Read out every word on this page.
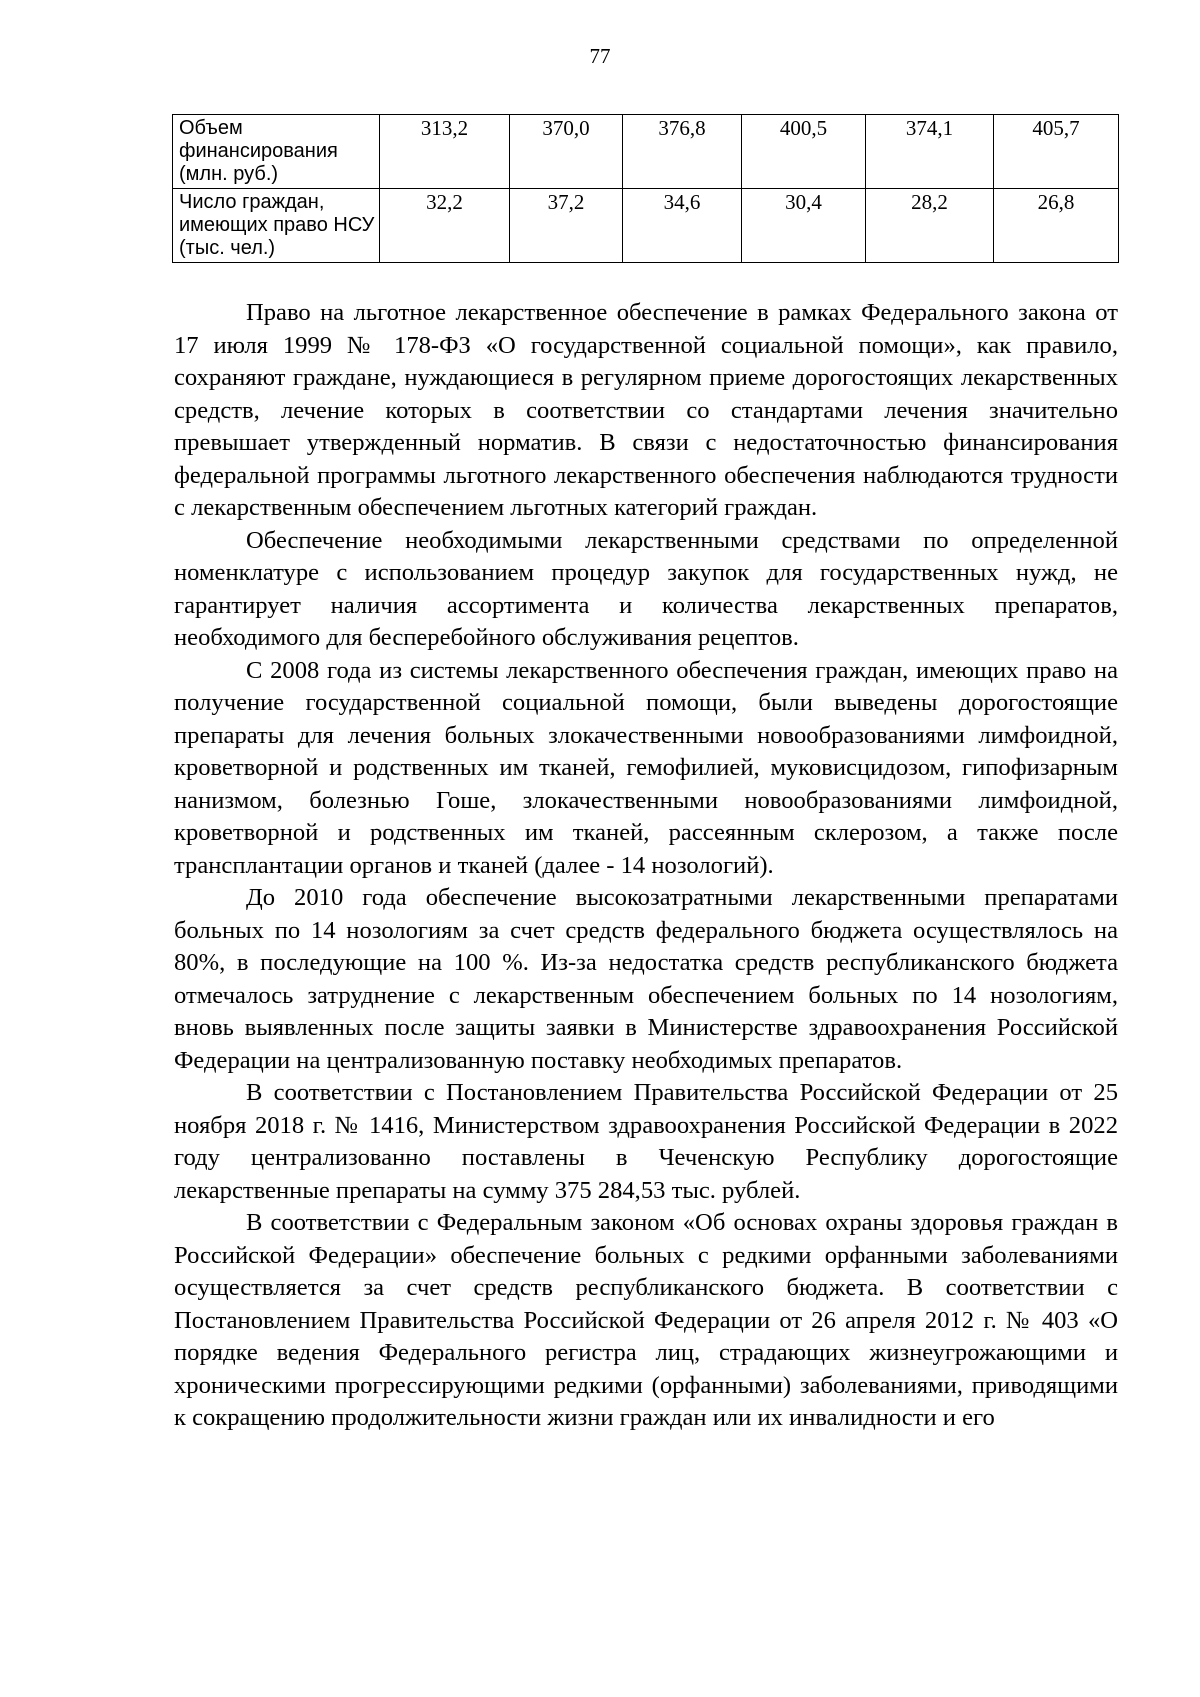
77
Объем финансирования (млн. руб.)	313,2	370,0	376,8	400,5	374,1	405,7
Число граждан, имеющих право НСУ (тыс. чел.)	32,2	37,2	34,6	30,4	28,2	26,8

Право на льготное лекарственное обеспечение в рамках Федерального закона от 17 июля 1999 № 178-ФЗ «О государственной социальной помощи», как правило, сохраняют граждане, нуждающиеся в регулярном приеме дорогостоящих лекарственных средств, лечение которых в соответствии со стандартами лечения значительно превышает утвержденный норматив. В связи с недостаточностью финансирования федеральной программы льготного лекарственного обеспечения наблюдаются трудности с лекарственным обеспечением льготных категорий граждан.

Обеспечение необходимыми лекарственными средствами по определенной номенклатуре с использованием процедур закупок для государственных нужд, не гарантирует наличия ассортимента и количества лекарственных препаратов, необходимого для бесперебойного обслуживания рецептов.

С 2008 года из системы лекарственного обеспечения граждан, имеющих право на получение государственной социальной помощи, были выведены дорогостоящие препараты для лечения больных злокачественными новообразованиями лимфоидной, кроветворной и родственных им тканей, гемофилией, муковисцидозом, гипофизарным нанизмом, болезнью Гоше, злокачественными новообразованиями лимфоидной, кроветворной и родственных им тканей, рассеянным склерозом, а также после трансплантации органов и тканей (далее - 14 нозологий).

До 2010 года обеспечение высокозатратными лекарственными препаратами больных по 14 нозологиям за счет средств федерального бюджета осуществлялось на 80%, в последующие на 100 %. Из-за недостатка средств республиканского бюджета отмечалось затруднение с лекарственным обеспечением больных по 14 нозологиям, вновь выявленных после защиты заявки в Министерстве здравоохранения Российской Федерации на централизованную поставку необходимых препаратов.

В соответствии с Постановлением Правительства Российской Федерации от 25 ноября 2018 г. № 1416, Министерством здравоохранения Российской Федерации в 2022 году централизованно поставлены в Чеченскую Республику дорогостоящие лекарственные препараты на сумму 375 284,53 тыс. рублей.

В соответствии с Федеральным законом «Об основах охраны здоровья граждан в Российской Федерации» обеспечение больных с редкими орфанными заболеваниями осуществляется за счет средств республиканского бюджета. В соответствии с Постановлением Правительства Российской Федерации от 26 апреля 2012 г. № 403 «О порядке ведения Федерального регистра лиц, страдающих жизнеугрожающими и хроническими прогрессирующими редкими (орфанными) заболеваниями, приводящими к сокращению продолжительности жизни граждан или их инвалидности и его
